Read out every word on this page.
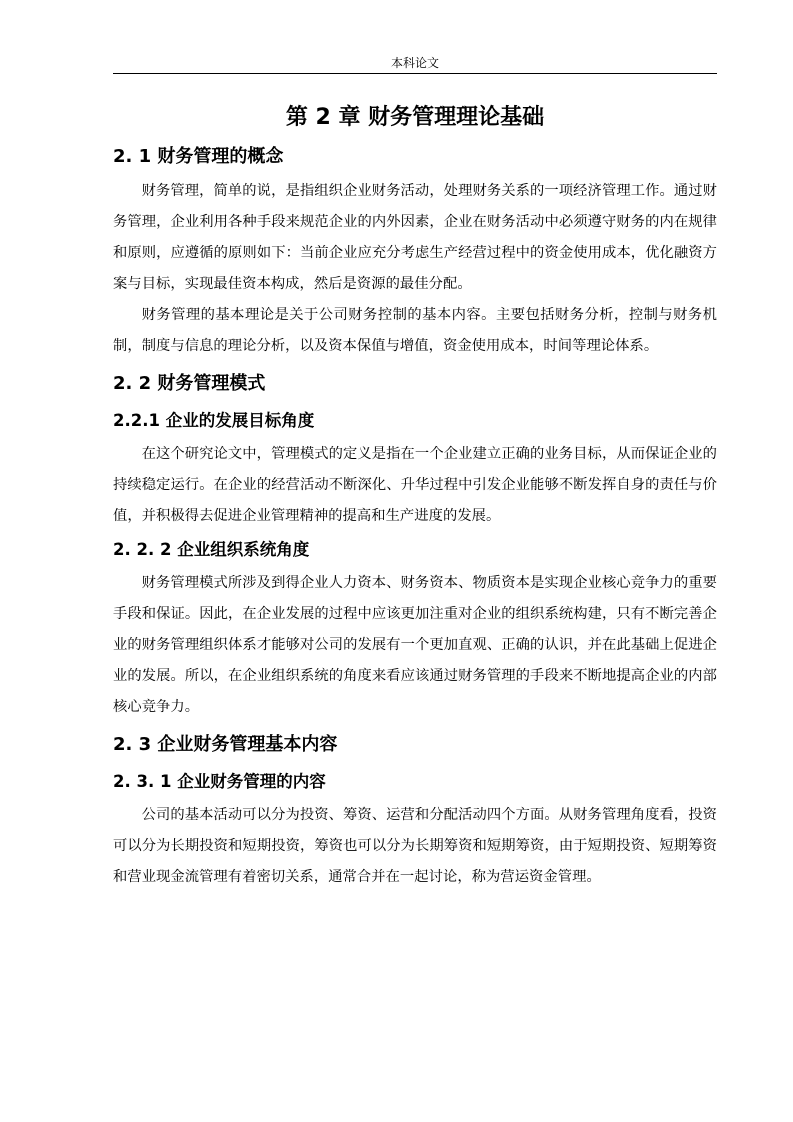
本科论文
第 2 章 财务管理理论基础
2. 1 财务管理的概念

财务管理，简单的说，是指组织企业财务活动，处理财务关系的一项经济管理工作。通过财务管理，企业利用各种手段来规范企业的内外因素，企业在财务活动中必须遵守财务的内在规律和原则，应遵循的原则如下：当前企业应充分考虑生产经营过程中的资金使用成本，优化融资方案与目标，实现最佳资本构成，然后是资源的最佳分配。

财务管理的基本理论是关于公司财务控制的基本内容。主要包括财务分析，控制与财务机制，制度与信息的理论分析，以及资本保值与增值，资金使用成本，时间等理论体系。

2. 2 财务管理模式
2.2.1 企业的发展目标角度

在这个研究论文中，管理模式的定义是指在一个企业建立正确的业务目标，从而保证企业的持续稳定运行。在企业的经营活动不断深化、升华过程中引发企业能够不断发挥自身的责任与价值，并积极得去促进企业管理精神的提高和生产进度的发展。

2. 2. 2 企业组织系统角度

财务管理模式所涉及到得企业人力资本、财务资本、物质资本是实现企业核心竞争力的重要手段和保证。因此，在企业发展的过程中应该更加注重对企业的组织系统构建，只有不断完善企业的财务管理组织体系才能够对公司的发展有一个更加直观、正确的认识，并在此基础上促进企业的发展。所以，在企业组织系统的角度来看应该通过财务管理的手段来不断地提高企业的内部核心竞争力。

2. 3 企业财务管理基本内容
2. 3. 1 企业财务管理的内容

公司的基本活动可以分为投资、筹资、运营和分配活动四个方面。从财务管理角度看，投资可以分为长期投资和短期投资，筹资也可以分为长期筹资和短期筹资，由于短期投资、短期筹资和营业现金流管理有着密切关系，通常合并在一起讨论，称为营运资金管理。
